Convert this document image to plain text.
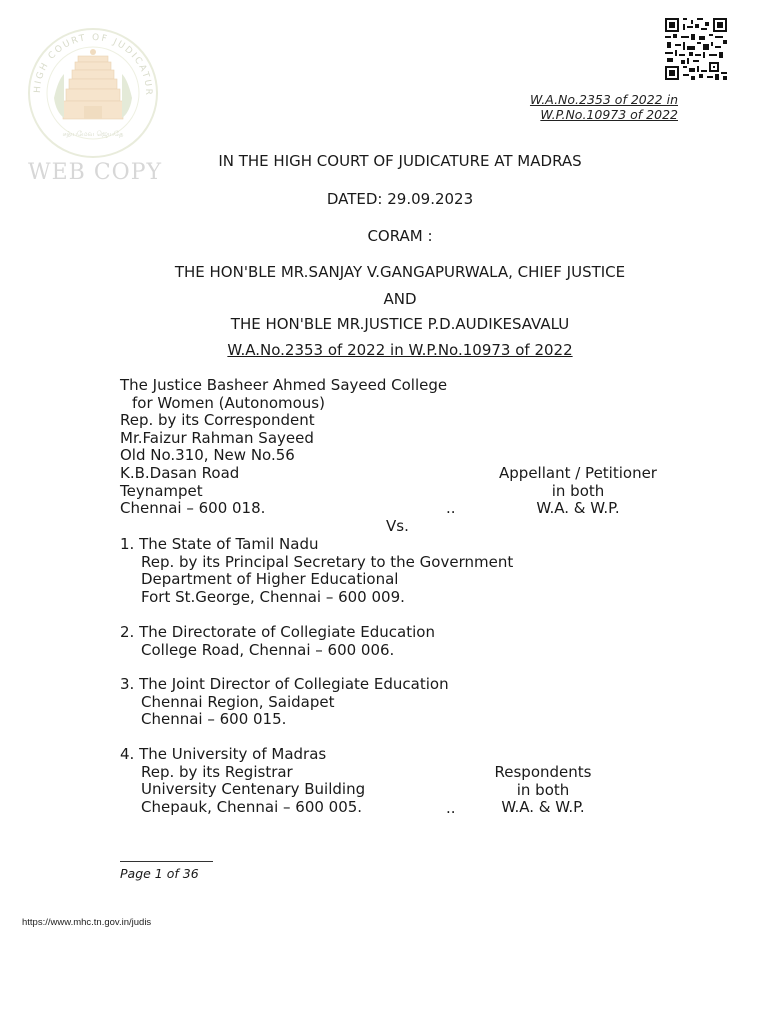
HIGH COURT OF JUDICATUR
சத்யமேவ ஜெயதே
WEB COPY
W.A.No.2353 of 2022 in
W.P.No.10973 of 2022
IN THE HIGH COURT OF JUDICATURE AT MADRAS
DATED: 29.09.2023
CORAM :
THE HON'BLE MR.SANJAY V.GANGAPURWALA, CHIEF JUSTICE
AND
THE HON'BLE MR.JUSTICE P.D.AUDIKESAVALU
W.A.No.2353 of 2022 in W.P.No.10973 of 2022
The Justice Basheer Ahmed Sayeed College
for Women (Autonomous)
Rep. by its Correspondent
Mr.Faizur Rahman Sayeed
Old No.310, New No.56
K.B.Dasan Road
Teynampet
Chennai – 600 018.	..
Appellant / Petitioner
in both
W.A. & W.P.
Vs.
1. The State of Tamil Nadu
Rep. by its Principal Secretary to the Government
Department of Higher Educational
Fort St.George, Chennai – 600 009.
2. The Directorate of Collegiate Education
College Road, Chennai – 600 006.
3. The Joint Director of Collegiate Education
Chennai Region, Saidapet
Chennai – 600 015.
4. The University of Madras
Rep. by its Registrar
University Centenary Building
Chepauk, Chennai – 600 005.	..
Respondents
in both
W.A. & W.P.
Page 1 of 36
https://www.mhc.tn.gov.in/judis
